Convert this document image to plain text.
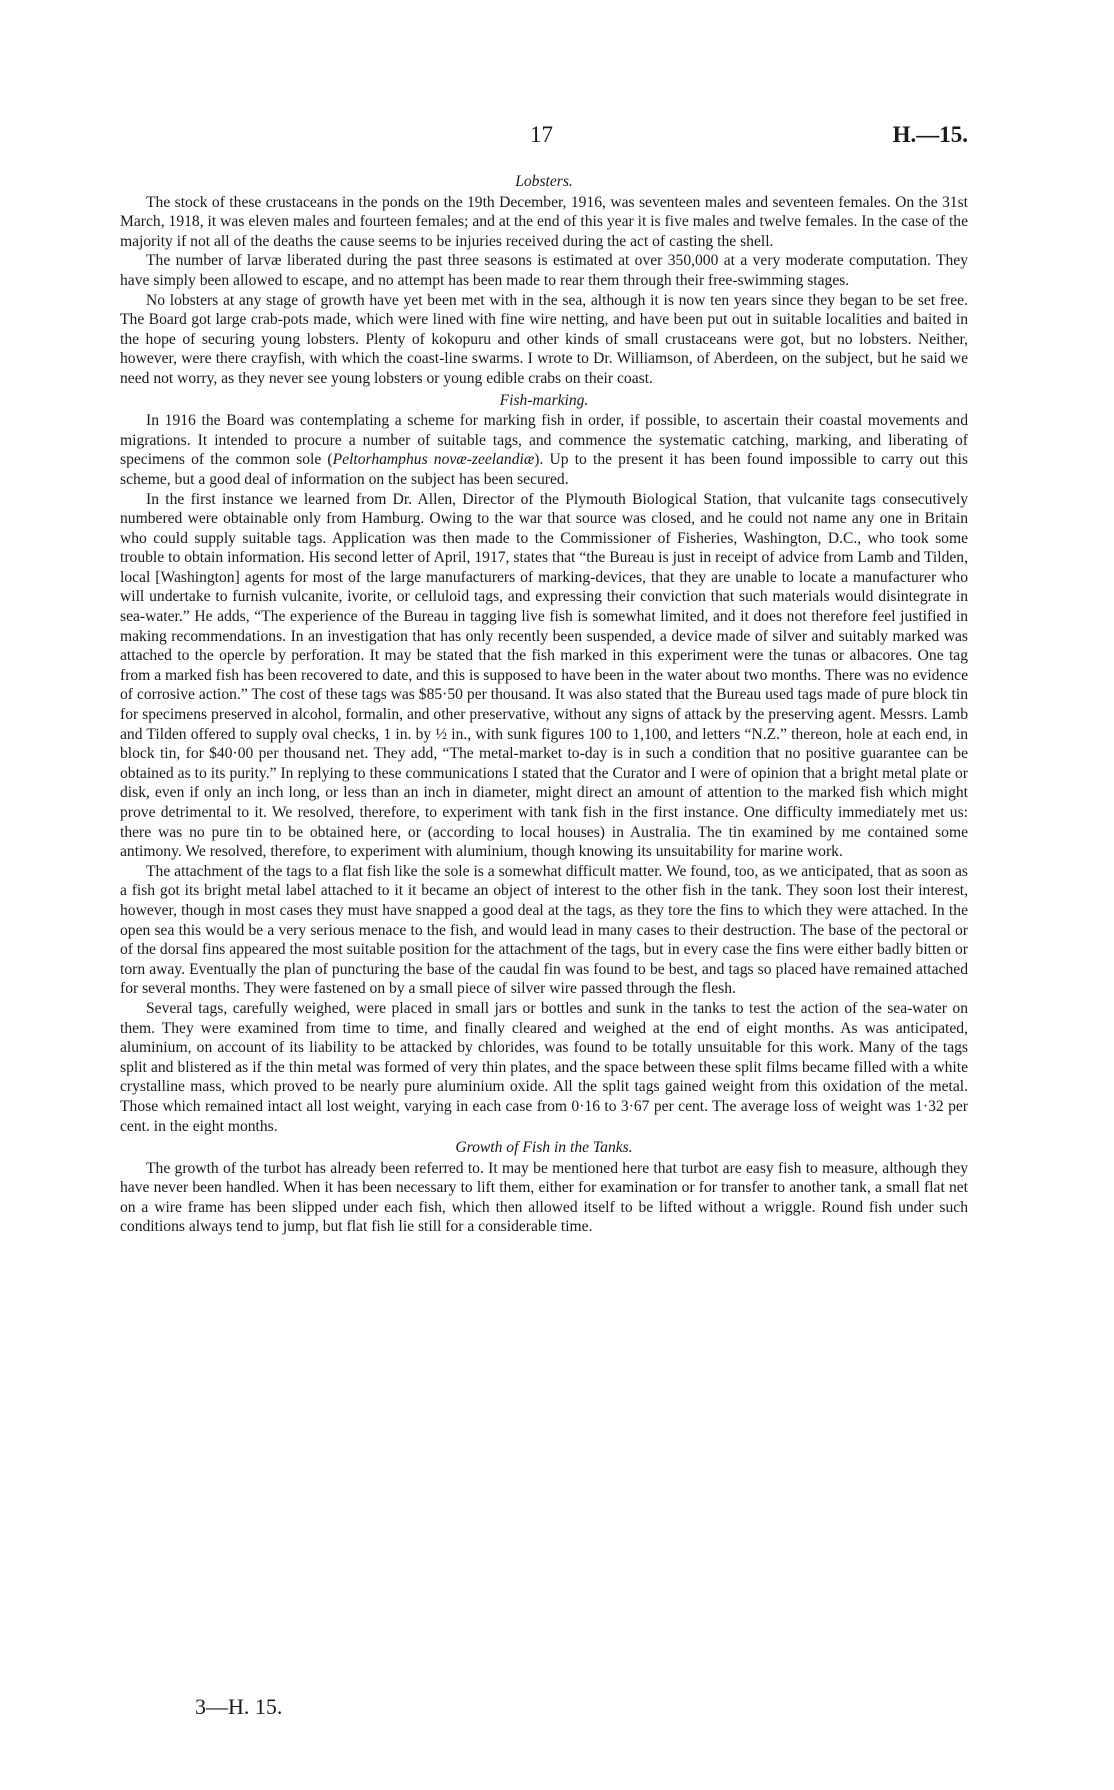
17	H.—15.
Lobsters.

The stock of these crustaceans in the ponds on the 19th December, 1916, was seventeen males and seventeen females. On the 31st March, 1918, it was eleven males and fourteen females; and at the end of this year it is five males and twelve females. In the case of the majority if not all of the deaths the cause seems to be injuries received during the act of casting the shell.

The number of larvæ liberated during the past three seasons is estimated at over 350,000 at a very moderate computation. They have simply been allowed to escape, and no attempt has been made to rear them through their free-swimming stages.

No lobsters at any stage of growth have yet been met with in the sea, although it is now ten years since they began to be set free. The Board got large crab-pots made, which were lined with fine wire netting, and have been put out in suitable localities and baited in the hope of securing young lobsters. Plenty of kokopuru and other kinds of small crustaceans were got, but no lobsters. Neither, however, were there crayfish, with which the coast-line swarms. I wrote to Dr. Williamson, of Aberdeen, on the subject, but he said we need not worry, as they never see young lobsters or young edible crabs on their coast.

Fish-marking.

In 1916 the Board was contemplating a scheme for marking fish in order, if possible, to ascertain their coastal movements and migrations. It intended to procure a number of suitable tags, and commence the systematic catching, marking, and liberating of specimens of the common sole (Peltorhamphus novæ-zeelandiæ). Up to the present it has been found impossible to carry out this scheme, but a good deal of information on the subject has been secured.

In the first instance we learned from Dr. Allen, Director of the Plymouth Biological Station, that vulcanite tags consecutively numbered were obtainable only from Hamburg. Owing to the war that source was closed, and he could not name any one in Britain who could supply suitable tags. Application was then made to the Commissioner of Fisheries, Washington, D.C., who took some trouble to obtain information. His second letter of April, 1917, states that “the Bureau is just in receipt of advice from Lamb and Tilden, local [Washington] agents for most of the large manufacturers of marking-devices, that they are unable to locate a manufacturer who will undertake to furnish vulcanite, ivorite, or celluloid tags, and expressing their conviction that such materials would disintegrate in sea-water.” He adds, “The experience of the Bureau in tagging live fish is somewhat limited, and it does not therefore feel justified in making recommendations. In an investigation that has only recently been suspended, a device made of silver and suitably marked was attached to the opercle by perforation. It may be stated that the fish marked in this experiment were the tunas or albacores. One tag from a marked fish has been recovered to date, and this is supposed to have been in the water about two months. There was no evidence of corrosive action.” The cost of these tags was $85·50 per thousand. It was also stated that the Bureau used tags made of pure block tin for specimens preserved in alcohol, formalin, and other preservative, without any signs of attack by the preserving agent. Messrs. Lamb and Tilden offered to supply oval checks, 1 in. by ½ in., with sunk figures 100 to 1,100, and letters “N.Z.” thereon, hole at each end, in block tin, for $40·00 per thousand net. They add, “The metal-market to-day is in such a condition that no positive guarantee can be obtained as to its purity.” In replying to these communications I stated that the Curator and I were of opinion that a bright metal plate or disk, even if only an inch long, or less than an inch in diameter, might direct an amount of attention to the marked fish which might prove detrimental to it. We resolved, therefore, to experiment with tank fish in the first instance. One difficulty immediately met us: there was no pure tin to be obtained here, or (according to local houses) in Australia. The tin examined by me contained some antimony. We resolved, therefore, to experiment with aluminium, though knowing its unsuitability for marine work.

The attachment of the tags to a flat fish like the sole is a somewhat difficult matter. We found, too, as we anticipated, that as soon as a fish got its bright metal label attached to it it became an object of interest to the other fish in the tank. They soon lost their interest, however, though in most cases they must have snapped a good deal at the tags, as they tore the fins to which they were attached. In the open sea this would be a very serious menace to the fish, and would lead in many cases to their destruction. The base of the pectoral or of the dorsal fins appeared the most suitable position for the attachment of the tags, but in every case the fins were either badly bitten or torn away. Eventually the plan of puncturing the base of the caudal fin was found to be best, and tags so placed have remained attached for several months. They were fastened on by a small piece of silver wire passed through the flesh.

Several tags, carefully weighed, were placed in small jars or bottles and sunk in the tanks to test the action of the sea-water on them. They were examined from time to time, and finally cleared and weighed at the end of eight months. As was anticipated, aluminium, on account of its liability to be attacked by chlorides, was found to be totally unsuitable for this work. Many of the tags split and blistered as if the thin metal was formed of very thin plates, and the space between these split films became filled with a white crystalline mass, which proved to be nearly pure aluminium oxide. All the split tags gained weight from this oxidation of the metal. Those which remained intact all lost weight, varying in each case from 0·16 to 3·67 per cent. The average loss of weight was 1·32 per cent. in the eight months.

Growth of Fish in the Tanks.

The growth of the turbot has already been referred to. It may be mentioned here that turbot are easy fish to measure, although they have never been handled. When it has been necessary to lift them, either for examination or for transfer to another tank, a small flat net on a wire frame has been slipped under each fish, which then allowed itself to be lifted without a wriggle. Round fish under such conditions always tend to jump, but flat fish lie still for a considerable time.

3—H. 15.
